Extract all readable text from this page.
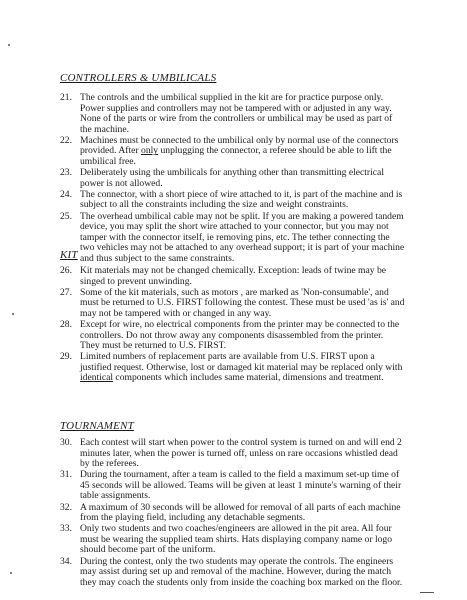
CONTROLLERS & UMBILICALS
21. The controls and the umbilical supplied in the kit are for practice purpose only. Power supplies and controllers may not be tampered with or adjusted in any way. None of the parts or wire from the controllers or umbilical may be used as part of the machine.
22. Machines must be connected to the umbilical only by normal use of the connectors provided. After only unplugging the connector, a referee should be able to lift the umbilical free.
23. Deliberately using the umbilicals for anything other than transmitting electrical power is not allowed.
24. The connector, with a short piece of wire attached to it, is part of the machine and is subject to all the constraints including the size and weight constraints.
25. The overhead umbilical cable may not be split. If you are making a powered tandem device, you may split the short wire attached to your connector, but you may not tamper with the connector itself, ie removing pins, etc. The tether connecting the two vehicles may not be attached to any overhead support; it is part of your machine and thus subject to the same constraints.
KIT
26. Kit materials may not be changed chemically. Exception: leads of twine may be singed to prevent unwinding.
27. Some of the kit materials, such as motors , are marked as 'Non-consumable', and must be returned to U.S. FIRST following the contest. These must be used 'as is' and may not be tampered with or changed in any way.
28. Except for wire, no electrical components from the printer may be connected to the controllers. Do not throw away any components disassembled from the printer. They must be returned to U.S. FIRST.
29. Limited numbers of replacement parts are available from U.S. FIRST upon a justified request. Otherwise, lost or damaged kit material may be replaced only with identical components which includes same material, dimensions and treatment.
TOURNAMENT
30. Each contest will start when power to the control system is turned on and will end 2 minutes later, when the power is turned off, unless on rare occasions whistled dead by the referees.
31. During the tournament, after a team is called to the field a maximum set-up time of 45 seconds will be allowed. Teams will be given at least 1 minute's warning of their table assignments.
32. A maximum of 30 seconds will be allowed for removal of all parts of each machine from the playing field, including any detachable segments.
33. Only two students and two coaches/engineers are allowed in the pit area. All four must be wearing the supplied team shirts. Hats displaying company name or logo should become part of the uniform.
34. During the contest, only the two students may operate the controls. The engineers may assist during set up and removal of the machine. However, during the match they may coach the students only from inside the coaching box marked on the floor.
